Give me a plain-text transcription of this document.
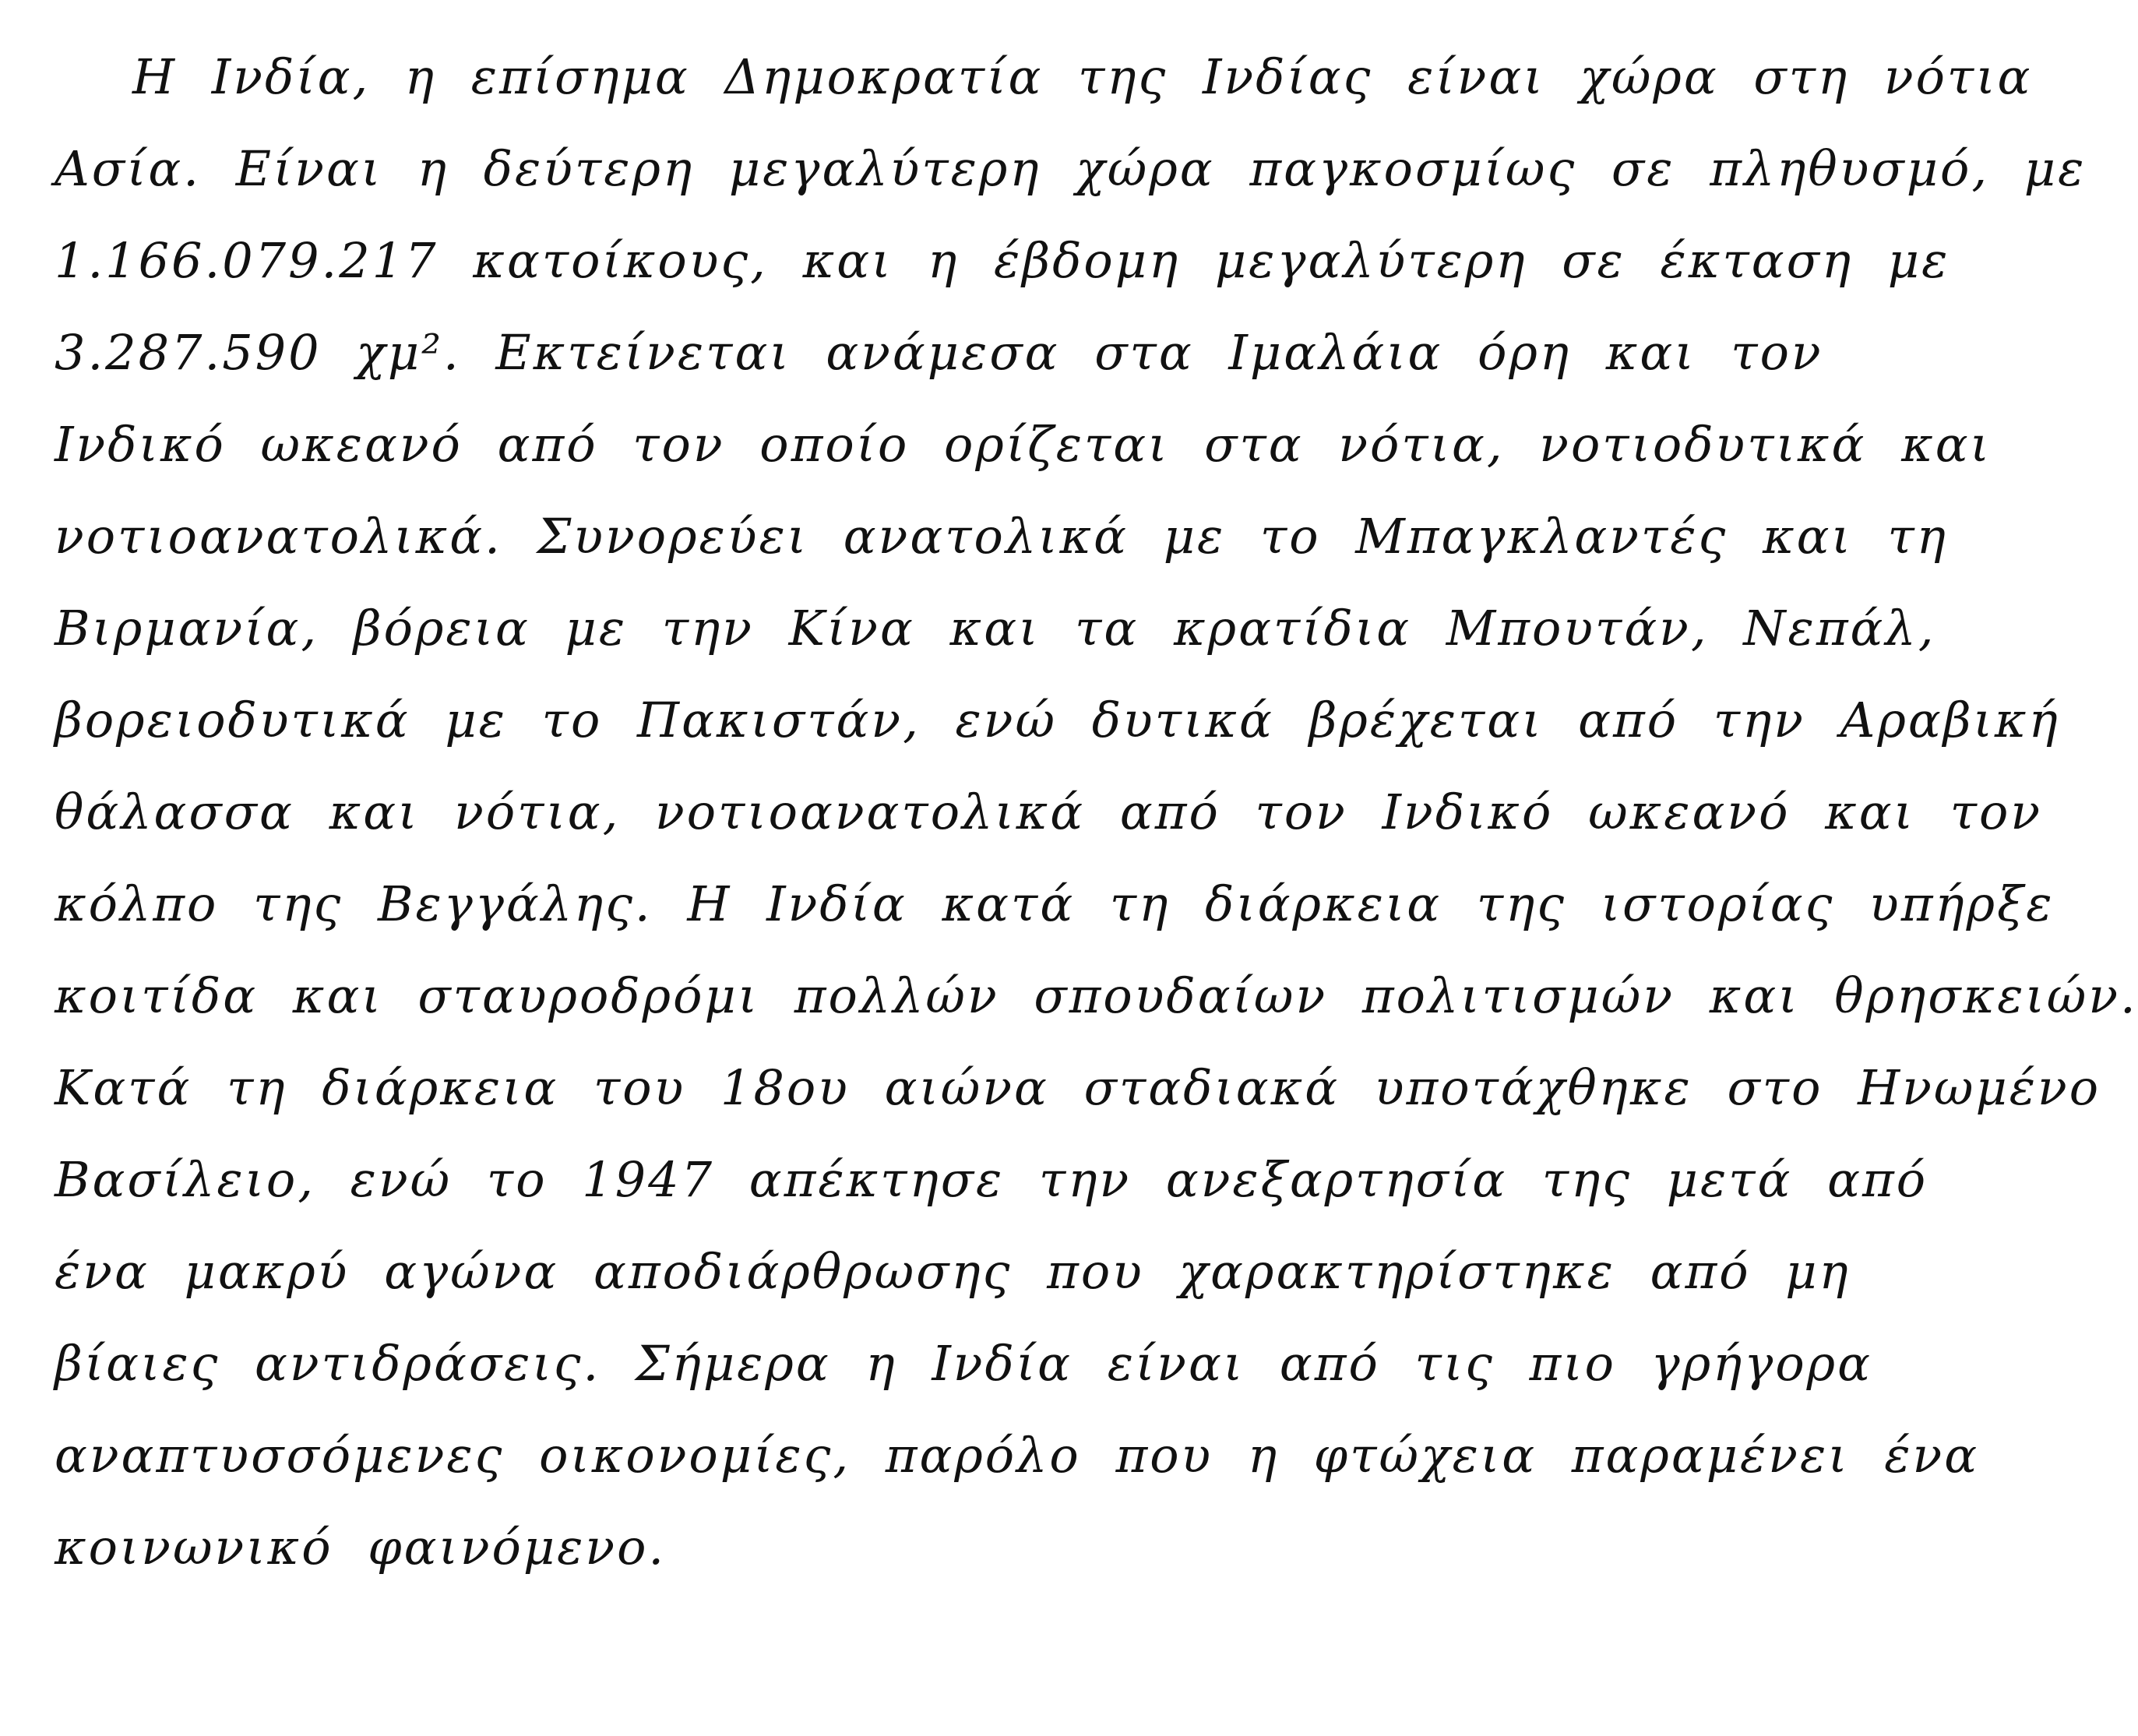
Η Ινδία, η επίσημα Δημοκρατία της Ινδίας είναι χώρα στη νότια
Ασία. Είναι η δεύτερη μεγαλύτερη χώρα παγκοσμίως σε πληθυσμό, με
1.166.079.217 κατοίκους, και η έβδομη μεγαλύτερη σε έκταση με
3.287.590 χμ². Εκτείνεται ανάμεσα στα Ιμαλάια όρη και τον
Ινδικό ωκεανό από τον οποίο ορίζεται στα νότια, νοτιοδυτικά και
νοτιοανατολικά. Συνορεύει ανατολικά με το Μπαγκλαντές και τη
Βιρμανία, βόρεια με την Κίνα και τα κρατίδια Μπουτάν, Νεπάλ,
βορειοδυτικά με το Πακιστάν, ενώ δυτικά βρέχεται από την Αραβική
θάλασσα και νότια, νοτιοανατολικά από τον Ινδικό ωκεανό και τον
κόλπο της Βεγγάλης. Η Ινδία κατά τη διάρκεια της ιστορίας υπήρξε
κοιτίδα και σταυροδρόμι πολλών σπουδαίων πολιτισμών και θρησκειών.
Κατά τη διάρκεια του 18ου αιώνα σταδιακά υποτάχθηκε στο Ηνωμένο
Βασίλειο, ενώ το 1947 απέκτησε την ανεξαρτησία της μετά από
ένα μακρύ αγώνα αποδιάρθρωσης που χαρακτηρίστηκε από μη
βίαιες αντιδράσεις. Σήμερα η Ινδία είναι από τις πιο γρήγορα
αναπτυσσόμενες οικονομίες, παρόλο που η φτώχεια παραμένει ένα
κοινωνικό φαινόμενο.
